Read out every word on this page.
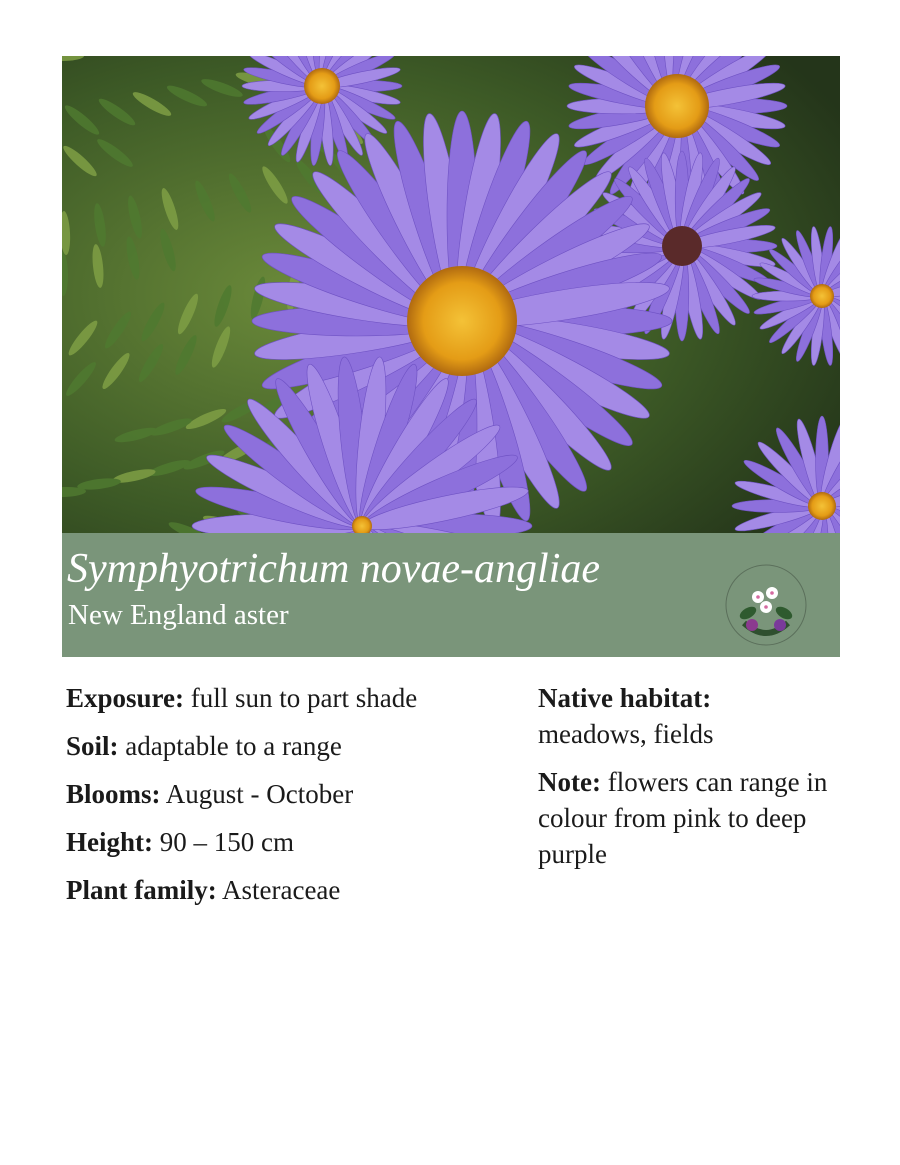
Symphyotrichum novae-angliae
New England aster
Exposure: full sun to part shade
Soil: adaptable to a range
Blooms: August - October
Height: 90 – 150 cm
Plant family: Asteraceae
Native habitat:
meadows, fields
Note: flowers can range in colour from pink to deep purple
